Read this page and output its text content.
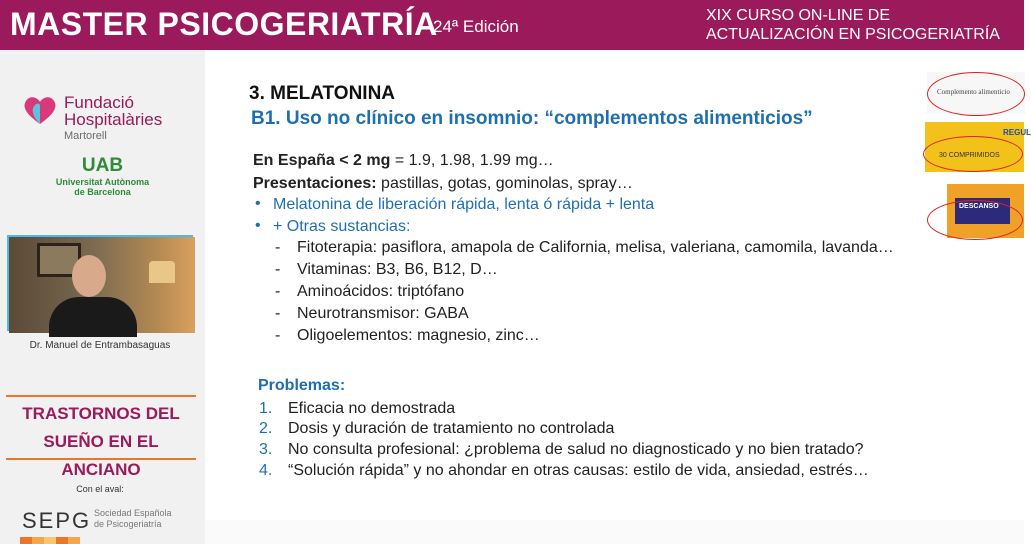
MASTER PSICOGERIATRÍA
24ª Edición
XIX CURSO ON-LINE DE
ACTUALIZACIÓN EN PSICOGERIATRÍA
Fundació
Hospitalàries
Martorell
UAB
Universitat Autònoma
de Barcelona
Dr. Manuel de Entrambasaguas
TRASTORNOS DEL
SUEÑO EN EL ANCIANO
Con el aval:
SEPG Sociedad Española
de Psicogeriatría
3. MELATONINA
B1. Uso no clínico en insomnio: “complementos alimenticios”
En España < 2 mg = 1.9, 1.98, 1.99 mg…
Presentaciones: pastillas, gotas, gominolas, spray…
• Melatonina de liberación rápida, lenta ó rápida + lenta
• + Otras sustancias:
- Fitoterapia: pasiflora, amapola de California, melisa, valeriana, camomila, lavanda…
- Vitaminas: B3, B6, B12, D…
- Aminoácidos: triptófano
- Neurotransmisor: GABA
- Oligoelementos: magnesio, zinc…
Problemas:
1. Eficacia no demostrada
2. Dosis y duración de tratamiento no controlada
3. No consulta profesional: ¿problema de salud no diagnosticado y no bien tratado?
4. “Solución rápida” y no ahondar en otras causas: estilo de vida, ansiedad, estrés…
Complemento alimenticio
REGUL
30 COMPRIMIDOS
DESCANSO
